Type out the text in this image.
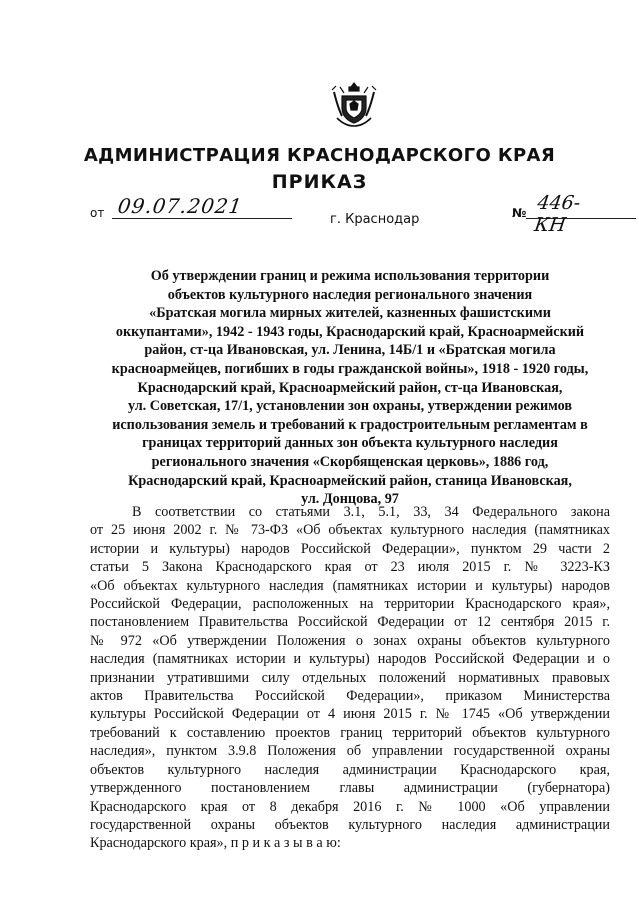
АДМИНИСТРАЦИЯ КРАСНОДАРСКОГО КРАЯ
ПРИКАЗ
от 09.07.2021
г. Краснодар	№ 446-КН
Об утверждении границ и режима использования территории
объектов культурного наследия регионального значения
«Братская могила мирных жителей, казненных фашистскими
оккупантами», 1942 - 1943 годы, Краснодарский край, Красноармейский
район, ст-ца Ивановская, ул. Ленина, 14Б/1 и «Братская могила
красноармейцев, погибших в годы гражданской войны», 1918 - 1920 годы,
Краснодарский край, Красноармейский район, ст-ца Ивановская,
ул. Советская, 17/1, установлении зон охраны, утверждении режимов
использования земель и требований к градостроительным регламентам в
границах территорий данных зон объекта культурного наследия
регионального значения «Скорбященская церковь», 1886 год,
Краснодарский край, Красноармейский район, станица Ивановская,
ул. Донцова, 97
В соответствии со статьями 3.1, 5.1, 33, 34 Федерального закона
от 25 июня 2002 г. № 73-ФЗ «Об объектах культурного наследия (памятниках
истории и культуры) народов Российской Федерации», пунктом 29 части 2
статьи 5 Закона Краснодарского края от 23 июля 2015 г. № 3223-КЗ
«Об объектах культурного наследия (памятниках истории и культуры) народов
Российской Федерации, расположенных на территории Краснодарского края»,
постановлением Правительства Российской Федерации от 12 сентября 2015 г.
№ 972 «Об утверждении Положения о зонах охраны объектов культурного
наследия (памятниках истории и культуры) народов Российской Федерации и о
признании утратившими силу отдельных положений нормативных правовых
актов Правительства Российской Федерации», приказом Министерства
культуры Российской Федерации от 4 июня 2015 г. № 1745 «Об утверждении
требований к составлению проектов границ территорий объектов культурного
наследия», пунктом 3.9.8 Положения об управлении государственной охраны
объектов культурного наследия администрации Краснодарского края,
утвержденного постановлением главы администрации (губернатора)
Краснодарского края от 8 декабря 2016 г. № 1000 «Об управлении
государственной охраны объектов культурного наследия администрации
Краснодарского края», п р и к а з ы в а ю:
